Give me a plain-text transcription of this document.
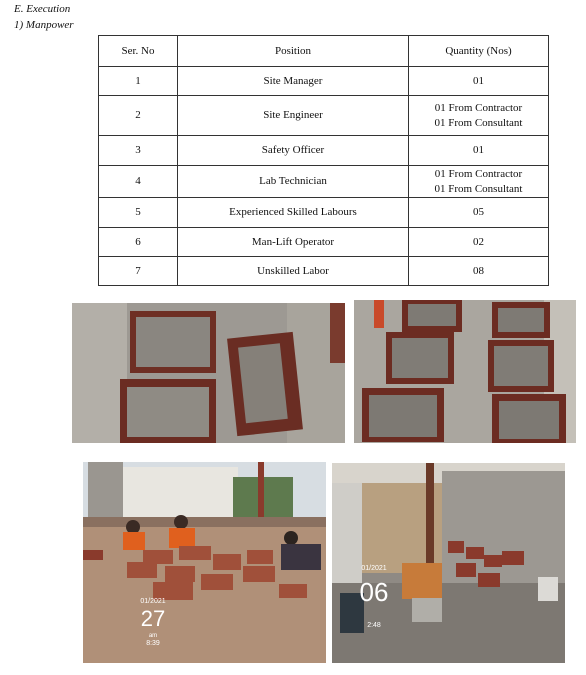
E. Execution
1) Manpower
Ser. No	Position	Quantity (Nos)
1	Site Manager	01
2	Site Engineer	01 From Contractor
01 From Consultant
3	Safety Officer	01
4	Lab Technician	01 From Contractor
01 From Consultant
5	Experienced Skilled Labours	05
6	Man-Lift Operator	02
7	Unskilled Labor	08
01/2021
27
am
8:39
01/2021
06
2:48
